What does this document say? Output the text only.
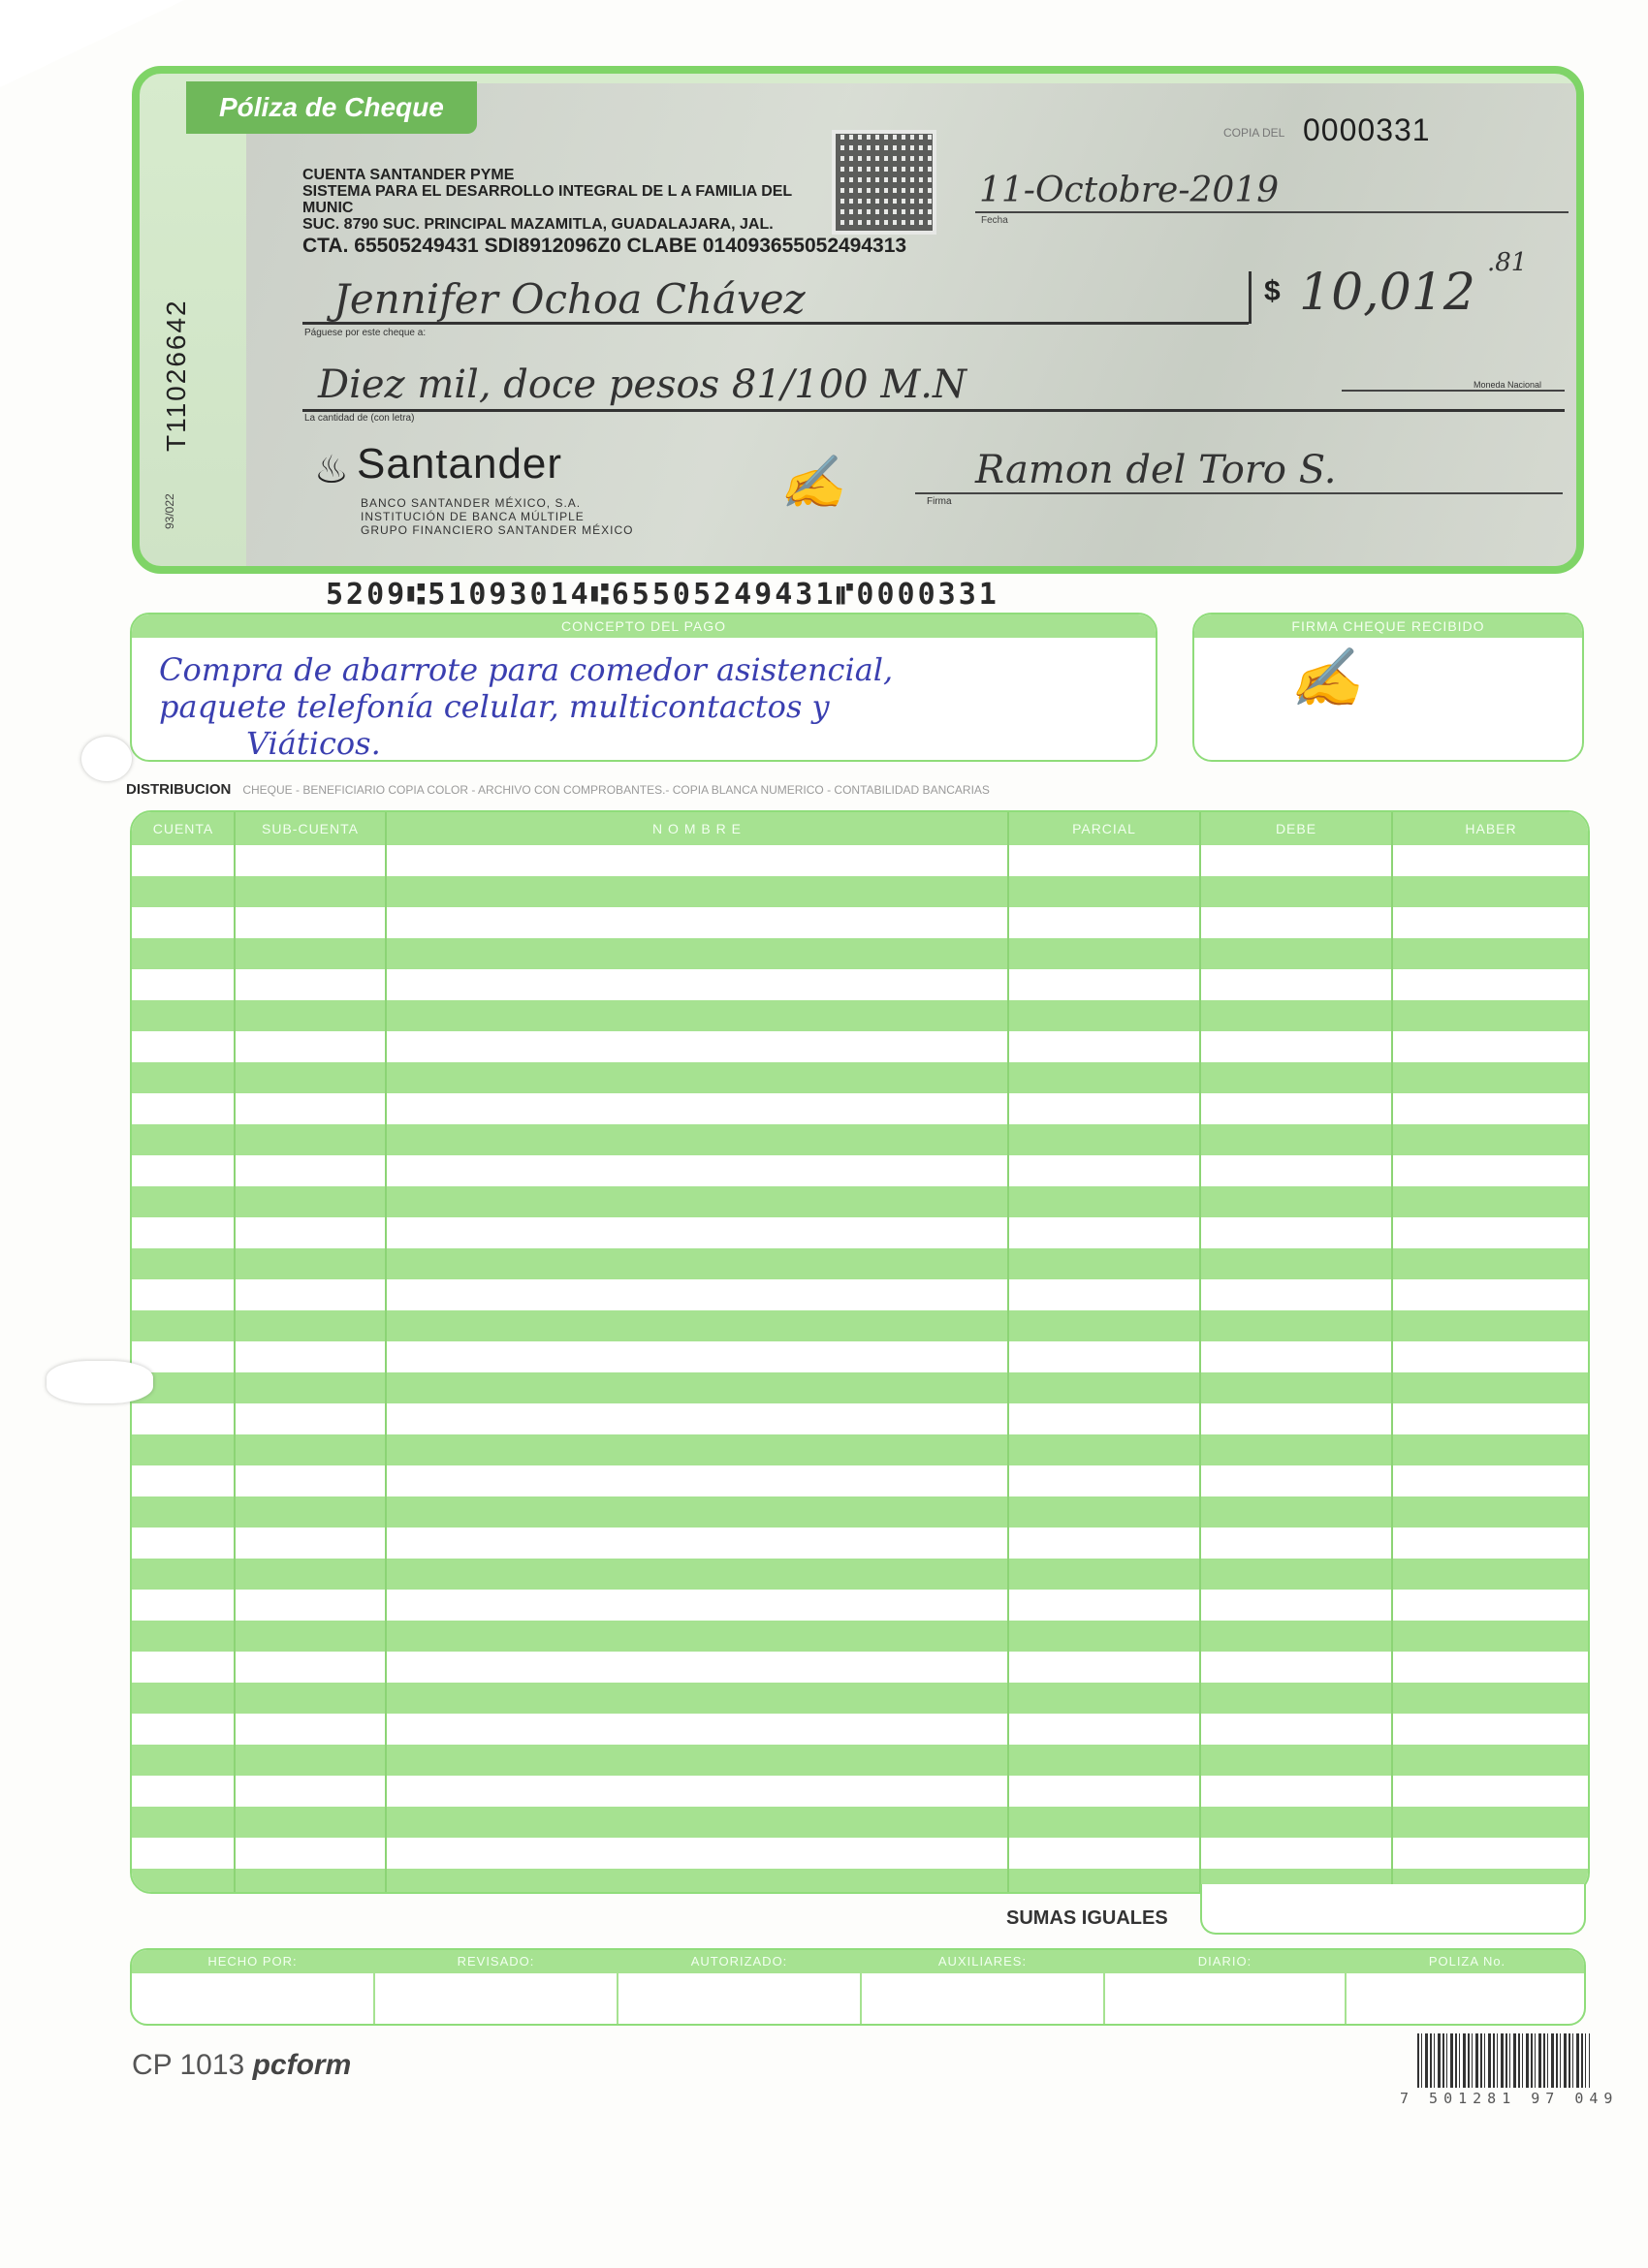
Póliza de Cheque
COPIA DEL 0000331
CUENTA SANTANDER PYME
SISTEMA PARA EL DESARROLLO INTEGRAL DE L A FAMILIA DEL
MUNIC
SUC. 8790 SUC. PRINCIPAL MAZAMITLA, GUADALAJARA, JAL.
CTA. 65505249431 SDI8912096Z0 CLABE 014093655052494313
T11026642
93/022
11-Octobre-2019
Fecha
Jennifer Ochoa Chávez
Páguese por este cheque a:
$ 10,012
.81
Diez mil, doce pesos 81/100 M.N
La cantidad de (con letra)
Moneda Nacional
♨ Santander
BANCO SANTANDER MÉXICO, S.A.
INSTITUCIÓN DE BANCA MÚLTIPLE
GRUPO FINANCIERO SANTANDER MÉXICO
✍	Ramon del Toro S.
Firma
5209⑆51093014⑆65505249431⑈0000331
CONCEPTO DEL PAGO
Compra de abarrote para comedor asistencial,
paquete telefonía celular, multicontactos y
Viáticos.
FIRMA CHEQUE RECIBIDO
✍
DISTRIBUCION CHEQUE - BENEFICIARIO COPIA COLOR - ARCHIVO CON COMPROBANTES.- COPIA BLANCA NUMERICO - CONTABILIDAD BANCARIAS
CUENTA	SUB-CUENTA	N O M B R E	PARCIAL	DEBE	HABER
SUMAS IGUALES
HECHO POR:	REVISADO:	AUTORIZADO:	AUXILIARES:	DIARIO:	POLIZA No.
CP 1013 pcform
7 501281 97 049
